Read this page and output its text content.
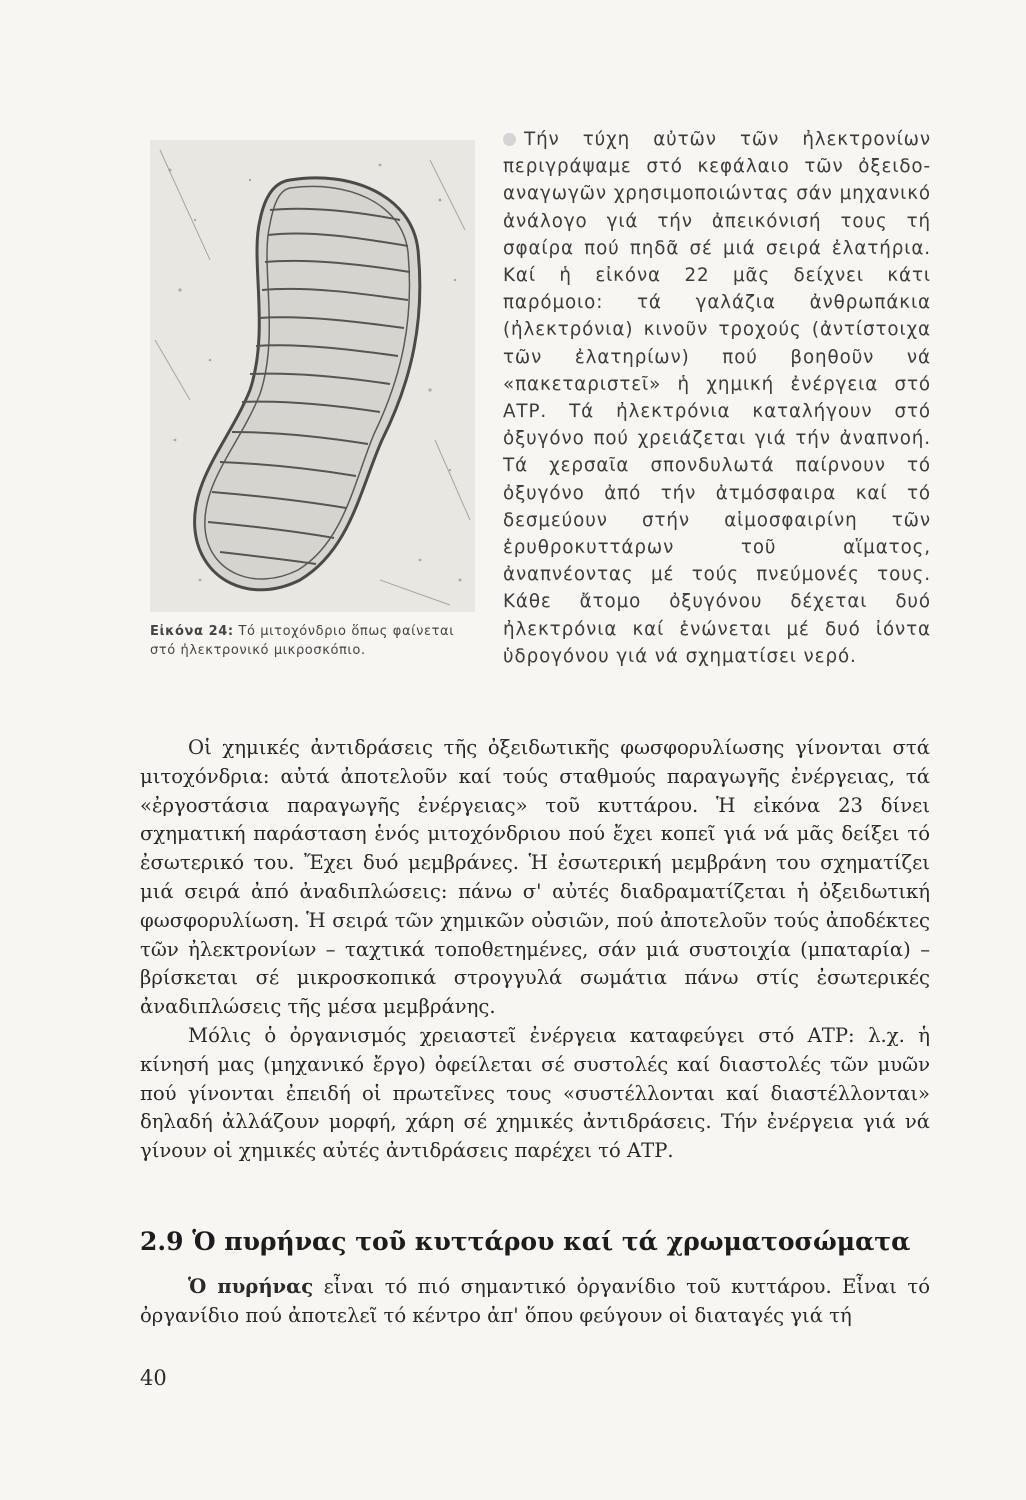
Εἰκόνα 24: Τό μιτοχόνδριο ὅπως φαίνεται στό ἠλεκτρονικό μικροσκόπιο.
Τήν τύχη αὐτῶν τῶν ἠλεκτρονίων περιγράψαμε στό κεφάλαιο τῶν ὀξειδο-αναγωγῶν χρησιμοποιώντας σάν μηχανικό ἀνάλογο γιά τήν ἀπεικόνισή τους τή σφαίρα πού πηδᾶ σέ μιά σειρά ἐλατήρια. Καί ἡ εἰκόνα 22 μᾶς δείχνει κάτι παρόμοιο: τά γαλάζια ἀνθρωπάκια (ἠλεκτρόνια) κινοῦν τροχούς (ἀντίστοιχα τῶν ἐλατηρίων) πού βοηθοῦν νά «πακεταριστεῖ» ἡ χημική ἐνέργεια στό ΑΤΡ. Τά ἠλεκτρόνια καταλήγουν στό ὀξυγόνο πού χρειάζεται γιά τήν ἀναπνοή. Τά χερσαῖα σπονδυλωτά παίρνουν τό ὀξυγόνο ἀπό τήν ἀτμόσφαιρα καί τό δεσμεύουν στήν αἱμοσφαιρίνη τῶν ἐρυθροκυττάρων τοῦ αἵματος, ἀναπνέοντας μέ τούς πνεύμονές τους. Κάθε ἄτομο ὀξυγόνου δέχεται δυό ἠλεκτρόνια καί ἑνώνεται μέ δυό ἰόντα ὑδρογόνου γιά νά σχηματίσει νερό.

Οἱ χημικές ἀντιδράσεις τῆς ὀξειδωτικῆς φωσφορυλίωσης γίνονται στά μιτοχόνδρια: αὐτά ἀποτελοῦν καί τούς σταθμούς παραγωγῆς ἐνέργειας, τά «ἐργοστάσια παραγωγῆς ἐνέργειας» τοῦ κυττάρου. Ἡ εἰκόνα 23 δίνει σχηματική παράσταση ἑνός μιτοχόνδριου πού ἔχει κοπεῖ γιά νά μᾶς δείξει τό ἐσωτερικό του. Ἔχει δυό μεμβράνες. Ἡ ἐσωτερική μεμβράνη του σχηματίζει μιά σειρά ἀπό ἀναδιπλώσεις: πάνω σ' αὐτές διαδραματίζεται ἡ ὀξειδωτική φωσφορυλίωση. Ἡ σειρά τῶν χημικῶν οὐσιῶν, πού ἀποτελοῦν τούς ἀποδέκτες τῶν ἠλεκτρονίων – ταχτικά τοποθετημένες, σάν μιά συστοιχία (μπαταρία) – βρίσκεται σέ μικροσκοπικά στρογγυλά σωμάτια πάνω στίς ἐσωτερικές ἀναδιπλώσεις τῆς μέσα μεμβράνης.

Μόλις ὁ ὀργανισμός χρειαστεῖ ἐνέργεια καταφεύγει στό ΑΤΡ: λ.χ. ἡ κίνησή μας (μηχανικό ἔργο) ὀφείλεται σέ συστολές καί διαστολές τῶν μυῶν πού γίνονται ἐπειδή οἱ πρωτεῖνες τους «συστέλλονται καί διαστέλλονται» δηλαδή ἀλλάζουν μορφή, χάρη σέ χημικές ἀντιδράσεις. Τήν ἐνέργεια γιά νά γίνουν οἱ χημικές αὐτές ἀντιδράσεις παρέχει τό ΑΤΡ.

2.9 Ὁ πυρήνας τοῦ κυττάρου καί τά χρωματοσώματα

Ὁ πυρήνας εἶναι τό πιό σημαντικό ὀργανίδιο τοῦ κυττάρου. Εἶναι τό ὀργανίδιο πού ἀποτελεῖ τό κέντρο ἀπ' ὅπου φεύγουν οἱ διαταγές γιά τή

40
